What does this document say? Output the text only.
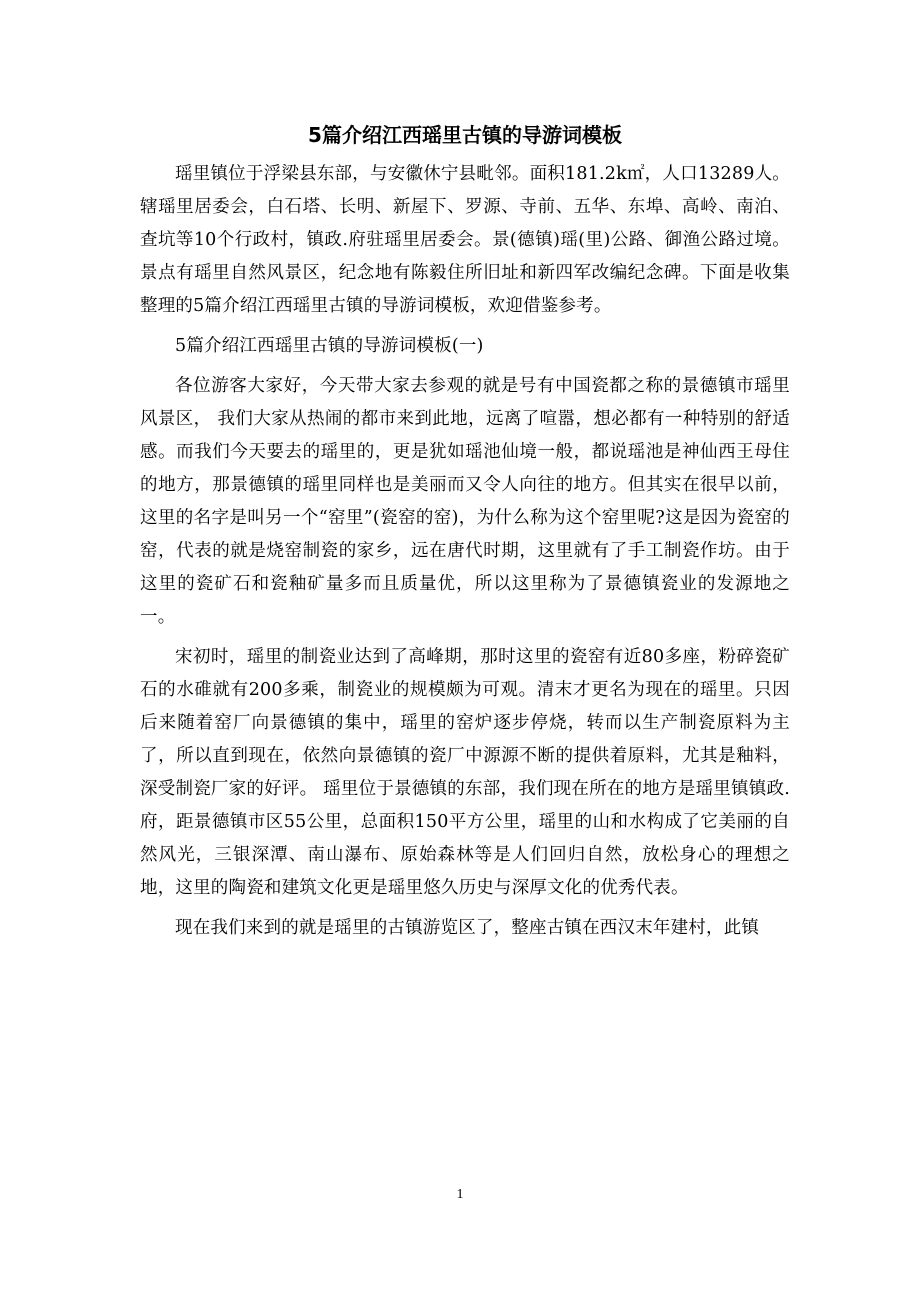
5篇介绍江西瑶里古镇的导游词模板

瑶里镇位于浮梁县东部，与安徽休宁县毗邻。面积181.2k㎡，人口13289人。辖瑶里居委会，白石塔、长明、新屋下、罗源、寺前、五华、东埠、高岭、南泊、查坑等10个行政村，镇政.府驻瑶里居委会。景(德镇)瑶(里)公路、御渔公路过境。景点有瑶里自然风景区，纪念地有陈毅住所旧址和新四军改编纪念碑。下面是收集整理的5篇介绍江西瑶里古镇的导游词模板，欢迎借鉴参考。

5篇介绍江西瑶里古镇的导游词模板(一)

各位游客大家好，今天带大家去参观的就是号有中国瓷都之称的景德镇市瑶里风景区， 我们大家从热闹的都市来到此地，远离了喧嚣，想必都有一种特别的舒适感。而我们今天要去的瑶里的，更是犹如瑶池仙境一般，都说瑶池是神仙西王母住的地方，那景德镇的瑶里同样也是美丽而又令人向往的地方。但其实在很早以前，这里的名字是叫另一个“窑里”(瓷窑的窑)，为什么称为这个窑里呢?这是因为瓷窑的窑，代表的就是烧窑制瓷的家乡，远在唐代时期，这里就有了手工制瓷作坊。由于这里的瓷矿石和瓷釉矿量多而且质量优，所以这里称为了景德镇瓷业的发源地之一。

宋初时，瑶里的制瓷业达到了高峰期，那时这里的瓷窑有近80多座，粉碎瓷矿石的水碓就有200多乘，制瓷业的规模颇为可观。清末才更名为现在的瑶里。只因后来随着窑厂向景德镇的集中，瑶里的窑炉逐步停烧，转而以生产制瓷原料为主了，所以直到现在，依然向景德镇的瓷厂中源源不断的提供着原料，尤其是釉料，深受制瓷厂家的好评。 瑶里位于景德镇的东部，我们现在所在的地方是瑶里镇镇政.府，距景德镇市区55公里，总面积150平方公里，瑶里的山和水构成了它美丽的自然风光，三银深潭、南山瀑布、原始森林等是人们回归自然，放松身心的理想之地，这里的陶瓷和建筑文化更是瑶里悠久历史与深厚文化的优秀代表。

现在我们来到的就是瑶里的古镇游览区了，整座古镇在西汉末年建村，此镇

1
